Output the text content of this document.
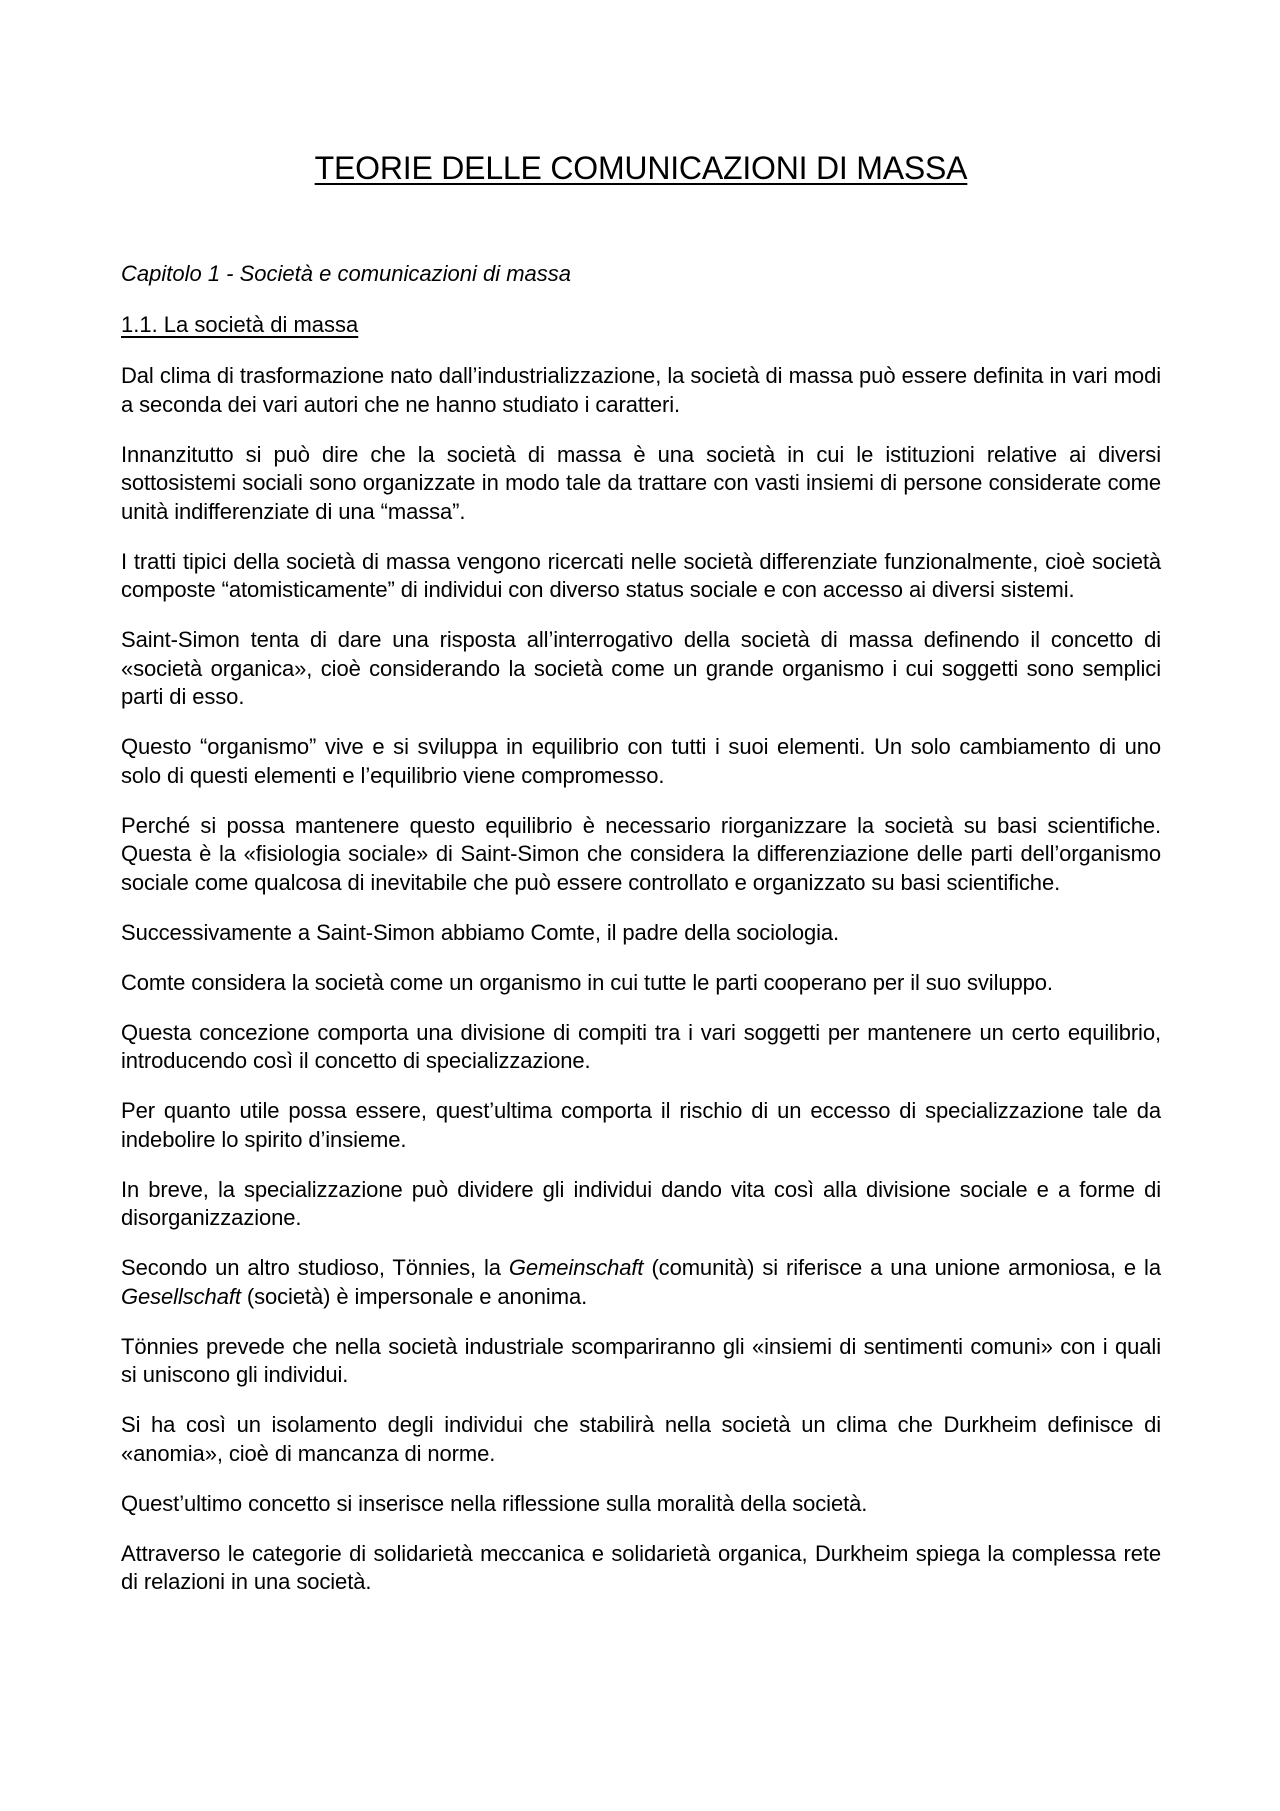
TEORIE DELLE COMUNICAZIONI DI MASSA

Capitolo 1 - Società e comunicazioni di massa

1.1. La società di massa

Dal clima di trasformazione nato dall’industrializzazione, la società di massa può essere definita in vari modi a seconda dei vari autori che ne hanno studiato i caratteri.

Innanzitutto si può dire che la società di massa è una società in cui le istituzioni relative ai diversi sottosistemi sociali sono organizzate in modo tale da trattare con vasti insiemi di persone considerate come unità indifferenziate di una “massa”.

I tratti tipici della società di massa vengono ricercati nelle società differenziate funzionalmente, cioè società composte “atomisticamente” di individui con diverso status sociale e con accesso ai diversi sistemi.

Saint-Simon tenta di dare una risposta all’interrogativo della società di massa definendo il concetto di «società organica», cioè considerando la società come un grande organismo i cui soggetti sono semplici parti di esso.

Questo “organismo” vive e si sviluppa in equilibrio con tutti i suoi elementi. Un solo cambiamento di uno solo di questi elementi e l’equilibrio viene compromesso.

Perché si possa mantenere questo equilibrio è necessario riorganizzare la società su basi scientifiche. Questa è la «fisiologia sociale» di Saint-Simon che considera la differenziazione delle parti dell’organismo sociale come qualcosa di inevitabile che può essere controllato e organizzato su basi scientifiche.

Successivamente a Saint-Simon abbiamo Comte, il padre della sociologia.

Comte considera la società come un organismo in cui tutte le parti cooperano per il suo sviluppo.

Questa concezione comporta una divisione di compiti tra i vari soggetti per mantenere un certo equilibrio, introducendo così il concetto di specializzazione.

Per quanto utile possa essere, quest’ultima comporta il rischio di un eccesso di specializzazione tale da indebolire lo spirito d’insieme.

In breve, la specializzazione può dividere gli individui dando vita così alla divisione sociale e a forme di disorganizzazione.

Secondo un altro studioso, Tönnies, la Gemeinschaft (comunità) si riferisce a una unione armoniosa, e la Gesellschaft (società) è impersonale e anonima.

Tönnies prevede che nella società industriale scompariranno gli «insiemi di sentimenti comuni» con i quali si uniscono gli individui.

Si ha così un isolamento degli individui che stabilirà nella società un clima che Durkheim definisce di «anomia», cioè di mancanza di norme.

Quest’ultimo concetto si inserisce nella riflessione sulla moralità della società.

Attraverso le categorie di solidarietà meccanica e solidarietà organica, Durkheim spiega la complessa rete di relazioni in una società.
